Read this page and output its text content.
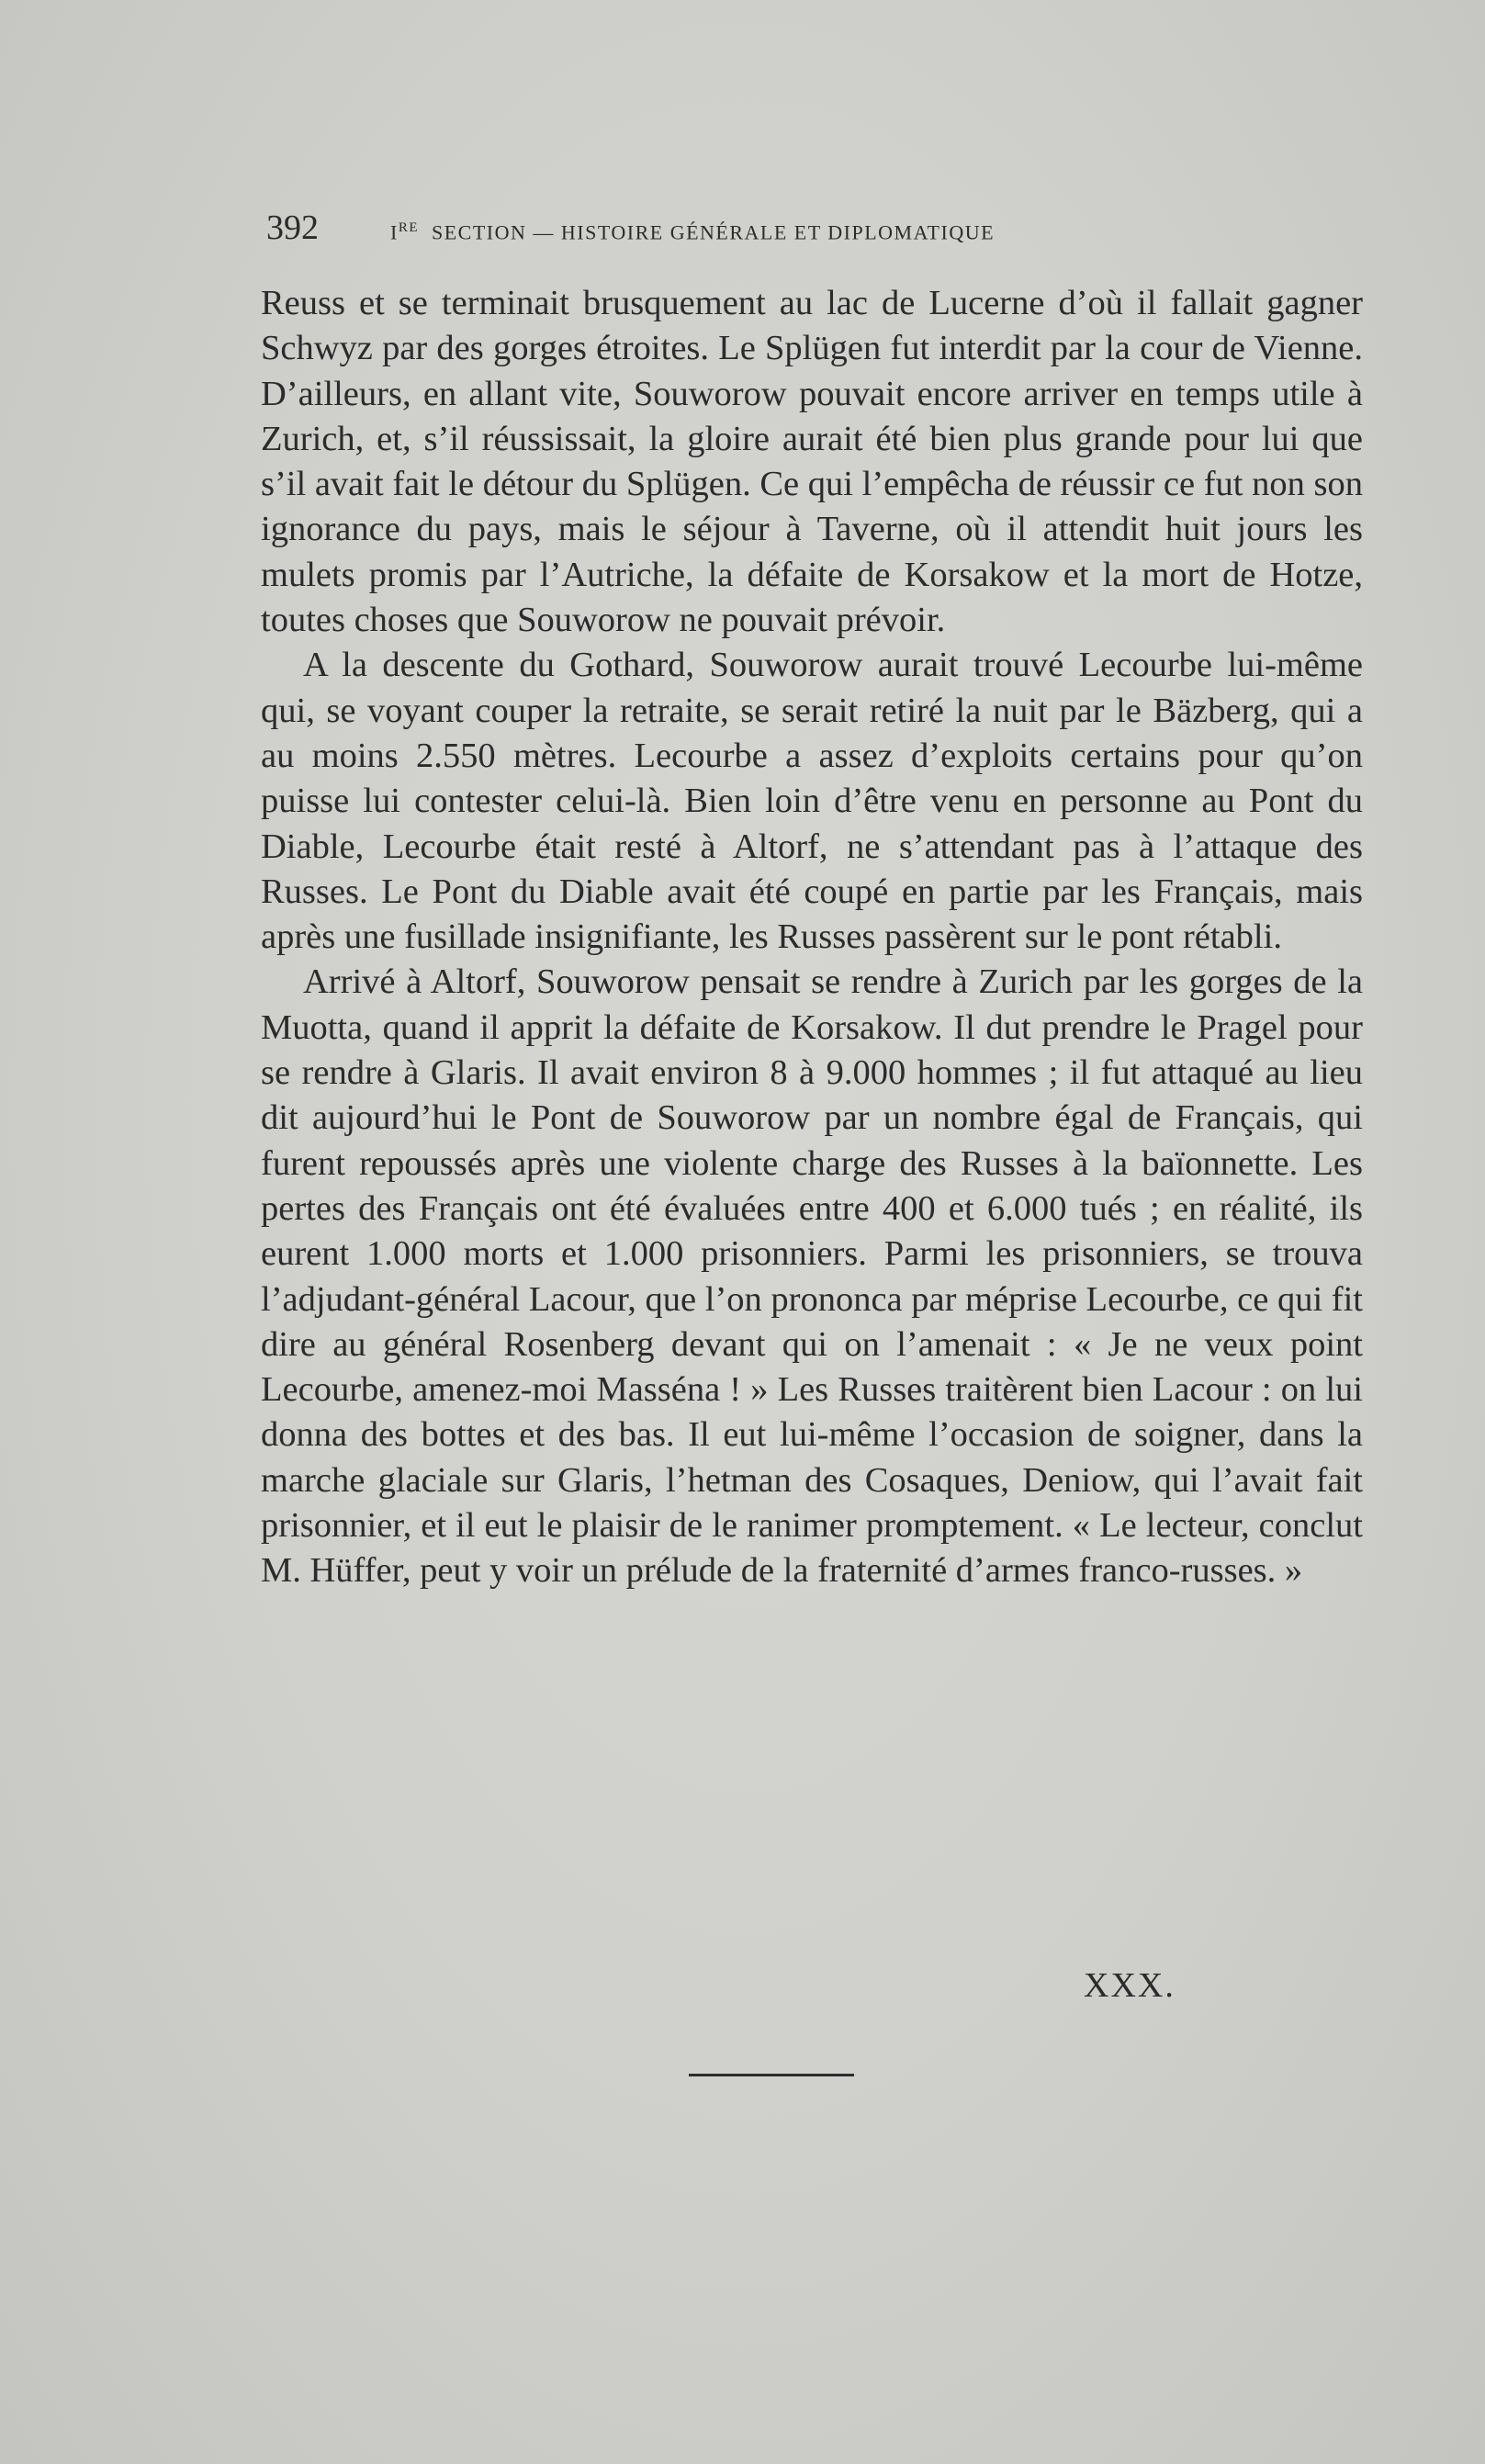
392	IRE SECTION — HISTOIRE GÉNÉRALE ET DIPLOMATIQUE

Reuss et se terminait brusquement au lac de Lucerne d’où il fallait gagner Schwyz par des gorges étroites. Le Splügen fut interdit par la cour de Vienne. D’ailleurs, en allant vite, Souworow pouvait encore arriver en temps utile à Zurich, et, s’il réussissait, la gloire aurait été bien plus grande pour lui que s’il avait fait le détour du Splügen. Ce qui l’empêcha de réussir ce fut non son ignorance du pays, mais le séjour à Taverne, où il attendit huit jours les mulets promis par l’Autriche, la défaite de Korsakow et la mort de Hotze, toutes choses que Souworow ne pouvait prévoir.

A la descente du Gothard, Souworow aurait trouvé Lecourbe lui-même qui, se voyant couper la retraite, se serait retiré la nuit par le Bäzberg, qui a au moins 2.550 mètres. Lecourbe a assez d’exploits certains pour qu’on puisse lui contester celui-là. Bien loin d’être venu en personne au Pont du Diable, Lecourbe était resté à Altorf, ne s’attendant pas à l’attaque des Russes. Le Pont du Diable avait été coupé en partie par les Français, mais après une fusillade insignifiante, les Russes passèrent sur le pont rétabli.

Arrivé à Altorf, Souworow pensait se rendre à Zurich par les gorges de la Muotta, quand il apprit la défaite de Korsakow. Il dut prendre le Pragel pour se rendre à Glaris. Il avait environ 8 à 9.000 hommes ; il fut attaqué au lieu dit aujourd’hui le Pont de Souworow par un nombre égal de Français, qui furent repoussés après une violente charge des Russes à la baïonnette. Les pertes des Français ont été évaluées entre 400 et 6.000 tués ; en réalité, ils eurent 1.000 morts et 1.000 prisonniers. Parmi les prisonniers, se trouva l’adjudant-général Lacour, que l’on prononca par méprise Lecourbe, ce qui fit dire au général Rosenberg devant qui on l’amenait : « Je ne veux point Lecourbe, amenez-moi Masséna ! » Les Russes traitèrent bien Lacour : on lui donna des bottes et des bas. Il eut lui-même l’occasion de soigner, dans la marche glaciale sur Glaris, l’hetman des Cosaques, Deniow, qui l’avait fait prisonnier, et il eut le plaisir de le ranimer promptement. « Le lecteur, conclut M. Hüffer, peut y voir un prélude de la fraternité d’armes franco-russes. »

XXX.
